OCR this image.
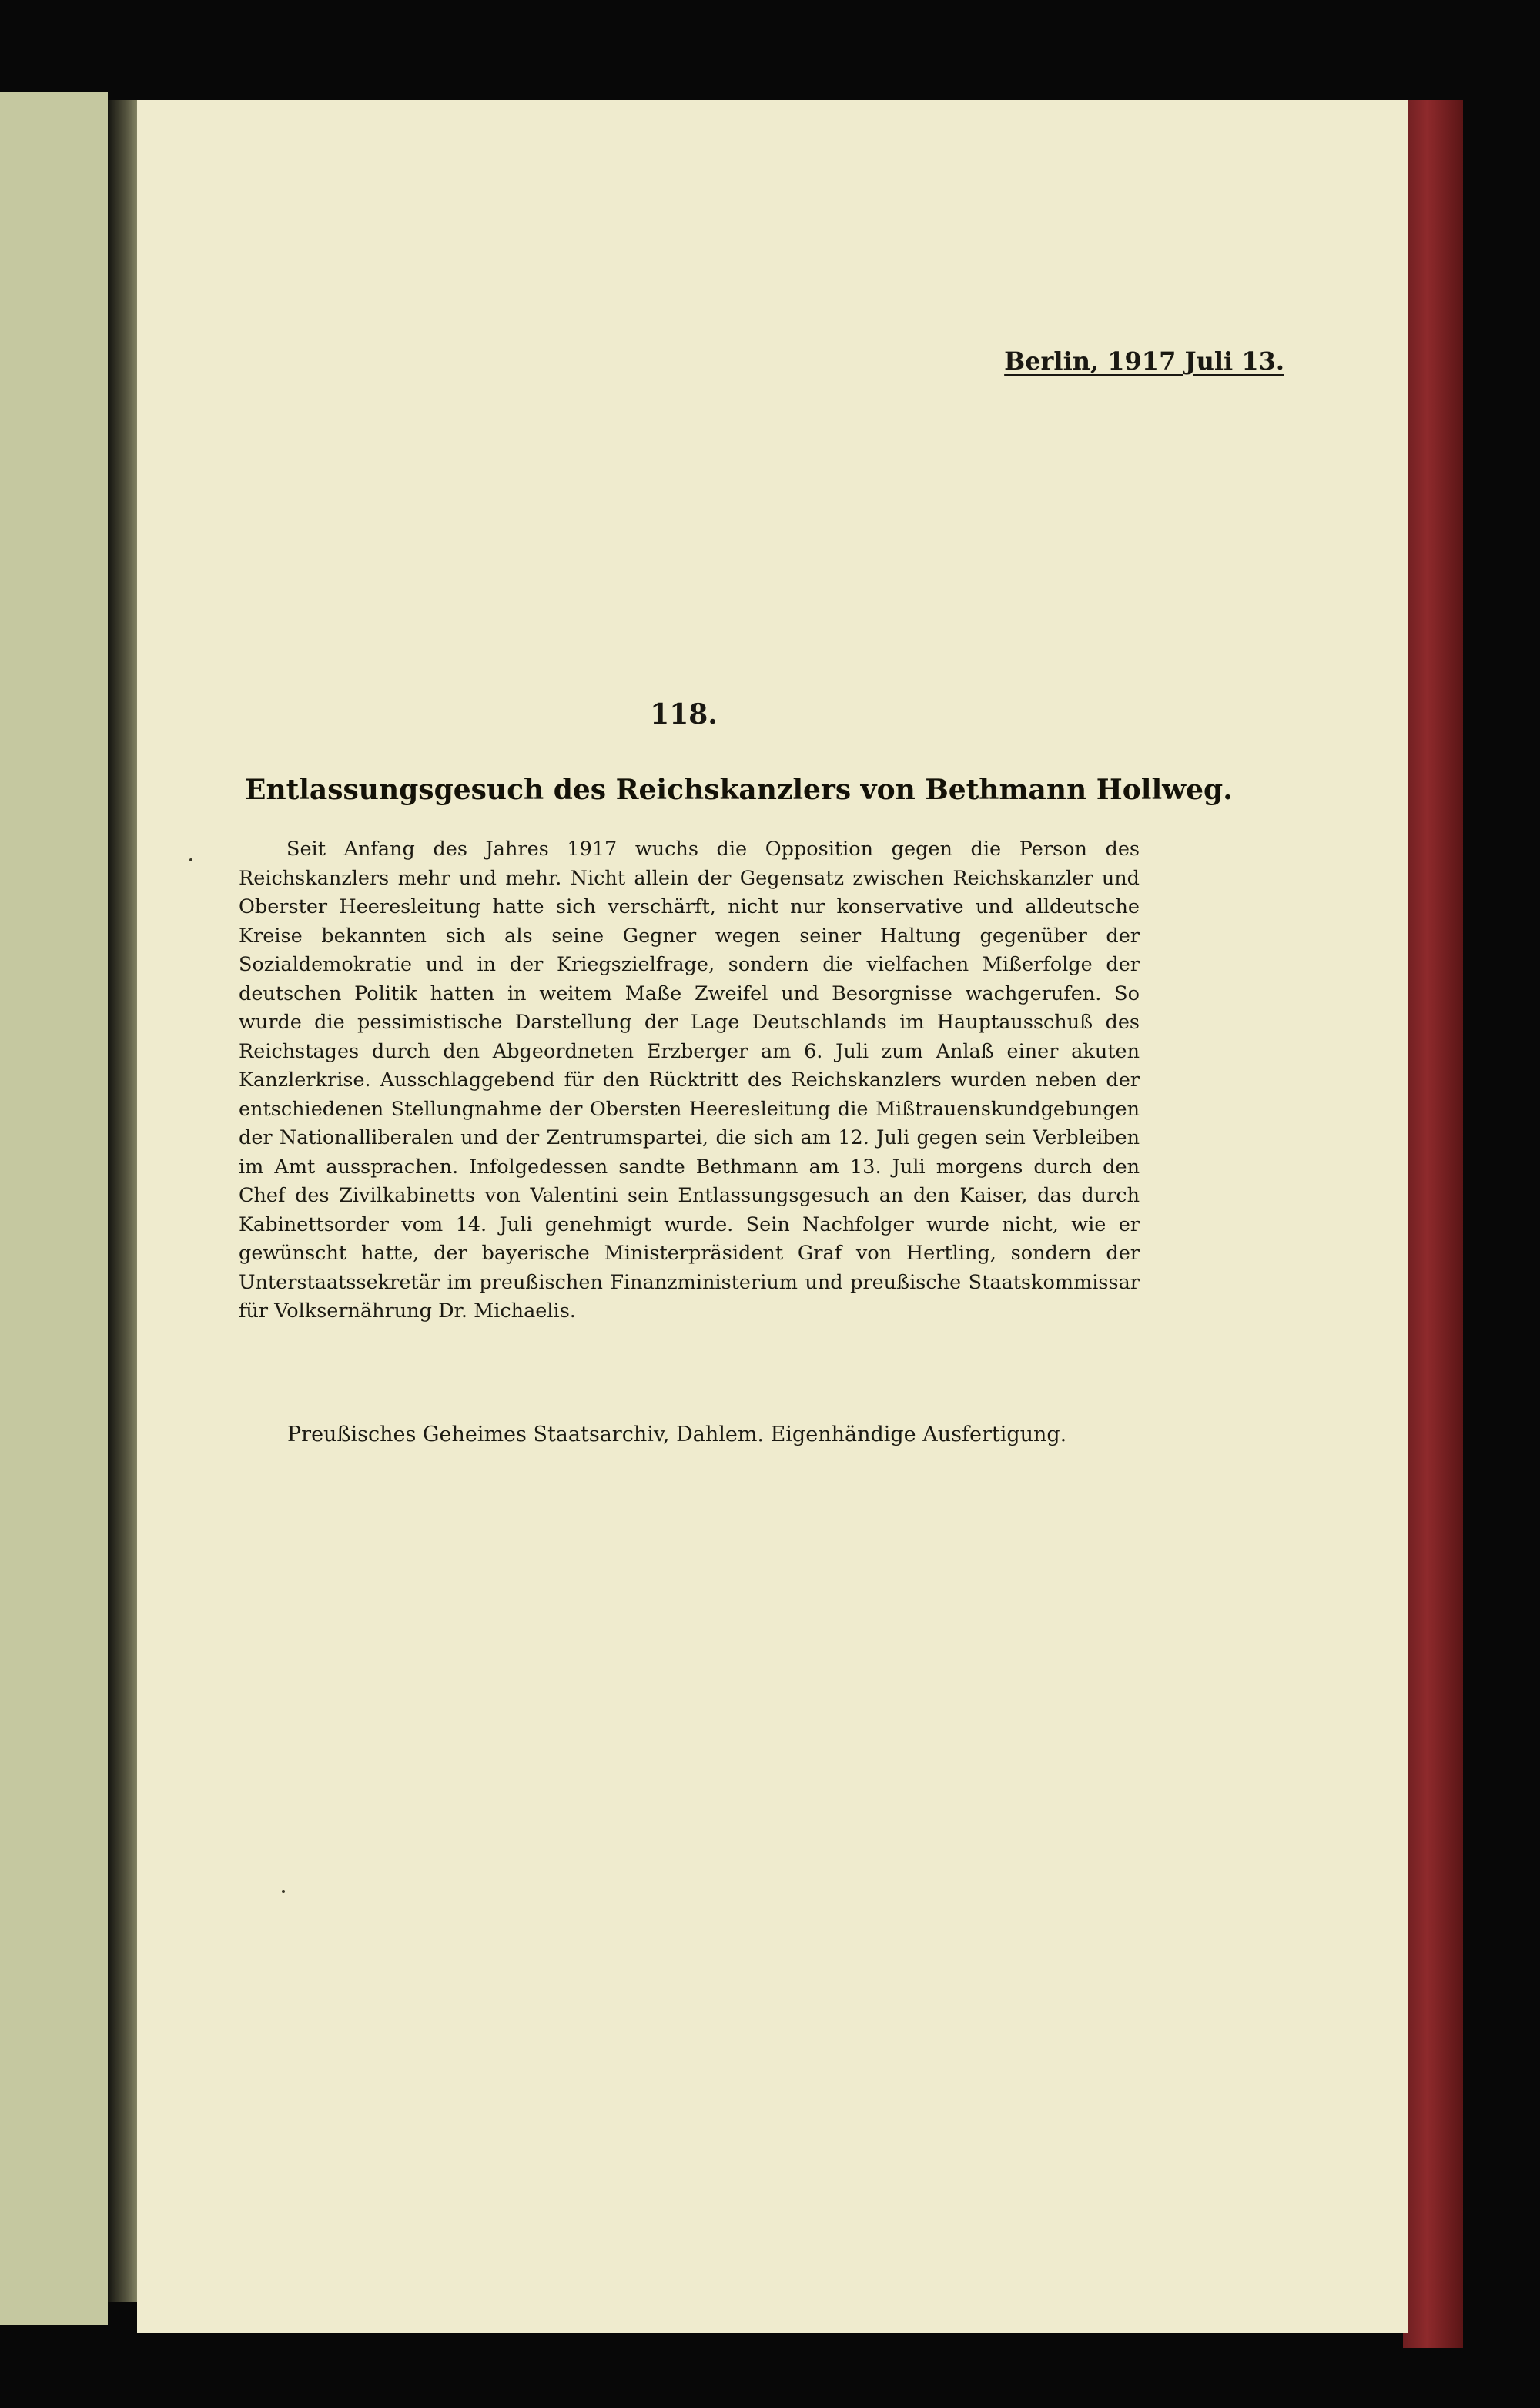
Berlin, 1917 Juli 13.
118.
Entlassungsgesuch des Reichskanzlers von Bethmann Hollweg.

Seit Anfang des Jahres 1917 wuchs die Opposition gegen die Person des Reichskanzlers mehr und mehr. Nicht allein der Gegensatz zwischen Reichskanzler und Oberster Heeresleitung hatte sich verschärft, nicht nur konservative und alldeutsche Kreise bekannten sich als seine Gegner wegen seiner Haltung gegenüber der Sozialdemokratie und in der Kriegszielfrage, sondern die vielfachen Mißerfolge der deutschen Politik hatten in weitem Maße Zweifel und Besorgnisse wachgerufen. So wurde die pessimistische Darstellung der Lage Deutschlands im Hauptausschuß des Reichstages durch den Abgeordneten Erzberger am 6. Juli zum Anlaß einer akuten Kanzlerkrise. Ausschlaggebend für den Rücktritt des Reichskanzlers wurden neben der entschiedenen Stellungnahme der Obersten Heeresleitung die Mißtrauenskundgebungen der Nationalliberalen und der Zentrumspartei, die sich am 12. Juli gegen sein Verbleiben im Amt aussprachen. Infolgedessen sandte Bethmann am 13. Juli morgens durch den Chef des Zivilkabinetts von Valentini sein Entlassungsgesuch an den Kaiser, das durch Kabinettsorder vom 14. Juli genehmigt wurde. Sein Nachfolger wurde nicht, wie er gewünscht hatte, der bayerische Ministerpräsident Graf von Hertling, sondern der Unterstaatssekretär im preußischen Finanzministerium und preußische Staatskommissar für Volksernährung Dr. Michaelis.

Preußisches Geheimes Staatsarchiv, Dahlem. Eigenhändige Ausfertigung.
